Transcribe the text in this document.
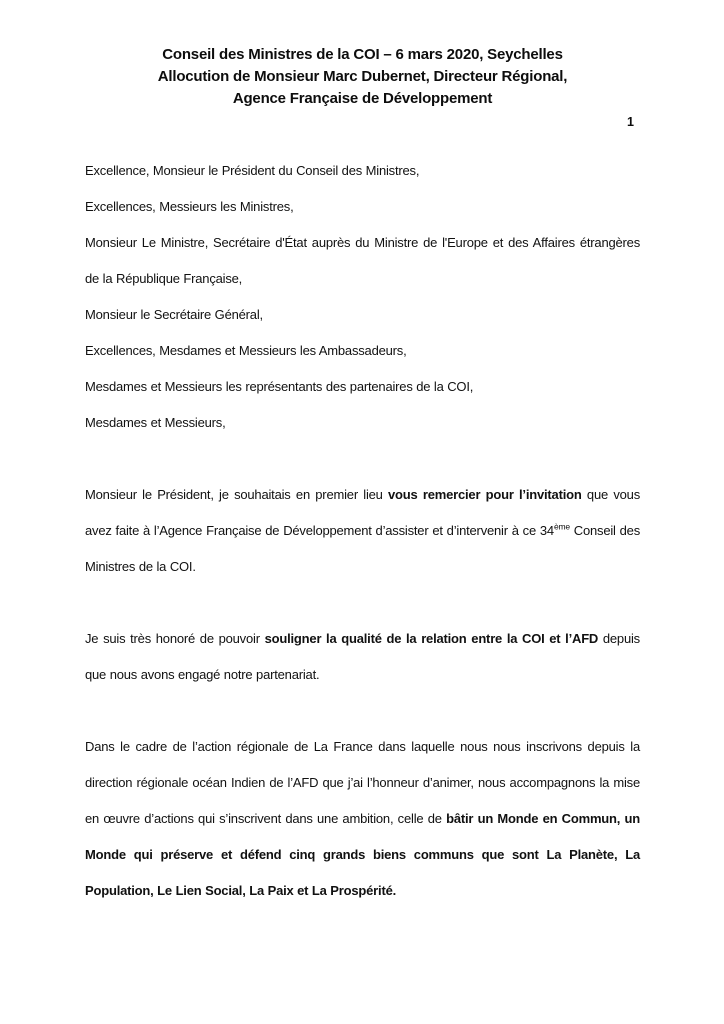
Conseil des Ministres de la COI – 6 mars 2020, Seychelles
Allocution de Monsieur Marc Dubernet, Directeur Régional,
Agence Française de Développement
1

Excellence, Monsieur le Président du Conseil des Ministres,

Excellences, Messieurs les Ministres,

Monsieur Le Ministre, Secrétaire d'État auprès du Ministre de l'Europe et des Affaires étrangères de la République Française,

Monsieur le Secrétaire Général,

Excellences, Mesdames et Messieurs les Ambassadeurs,

Mesdames et Messieurs les représentants des partenaires de la COI,

Mesdames et Messieurs,

Monsieur le Président, je souhaitais en premier lieu vous remercier pour l’invitation que vous avez faite à l’Agence Française de Développement d’assister et d’intervenir à ce 34ème Conseil des Ministres de la COI.

Je suis très honoré de pouvoir souligner la qualité de la relation entre la COI et l’AFD depuis que nous avons engagé notre partenariat.

Dans le cadre de l’action régionale de La France dans laquelle nous nous inscrivons depuis la direction régionale océan Indien de l’AFD que j’ai l’honneur d’animer, nous accompagnons la mise en œuvre d’actions qui s’inscrivent dans une ambition, celle de bâtir un Monde en Commun, un Monde qui préserve et défend cinq grands biens communs que sont La Planète, La Population, Le Lien Social, La Paix et La Prospérité.
